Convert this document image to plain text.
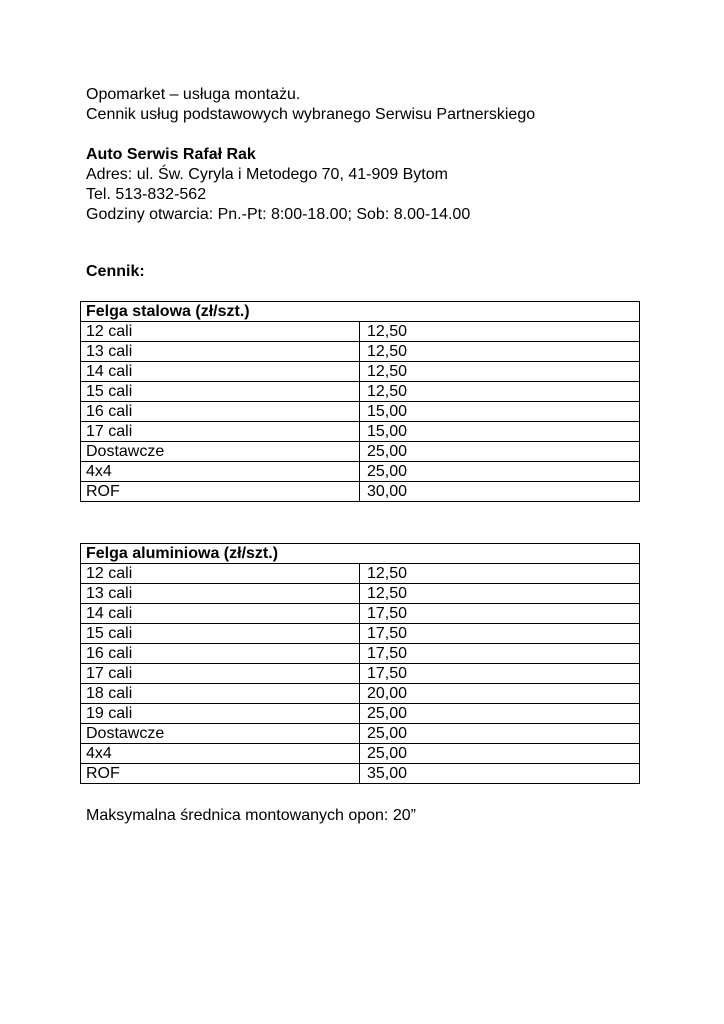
Opomarket – usługa montażu.
Cennik usług podstawowych wybranego Serwisu Partnerskiego
Auto Serwis Rafał Rak
Adres: ul. Św. Cyryla i Metodego 70, 41-909 Bytom
Tel. 513-832-562
Godziny otwarcia: Pn.-Pt: 8:00-18.00; Sob: 8.00-14.00
Cennik:
Felga stalowa (zł/szt.)	
12 cali	12,50
13 cali	12,50
14 cali	12,50
15 cali	12,50
16 cali	15,00
17 cali	15,00
Dostawcze	25,00
4x4	25,00
ROF	30,00
Felga aluminiowa (zł/szt.)	
12 cali	12,50
13 cali	12,50
14 cali	17,50
15 cali	17,50
16 cali	17,50
17 cali	17,50
18 cali	20,00
19 cali	25,00
Dostawcze	25,00
4x4	25,00
ROF	35,00
Maksymalna średnica montowanych opon: 20”
